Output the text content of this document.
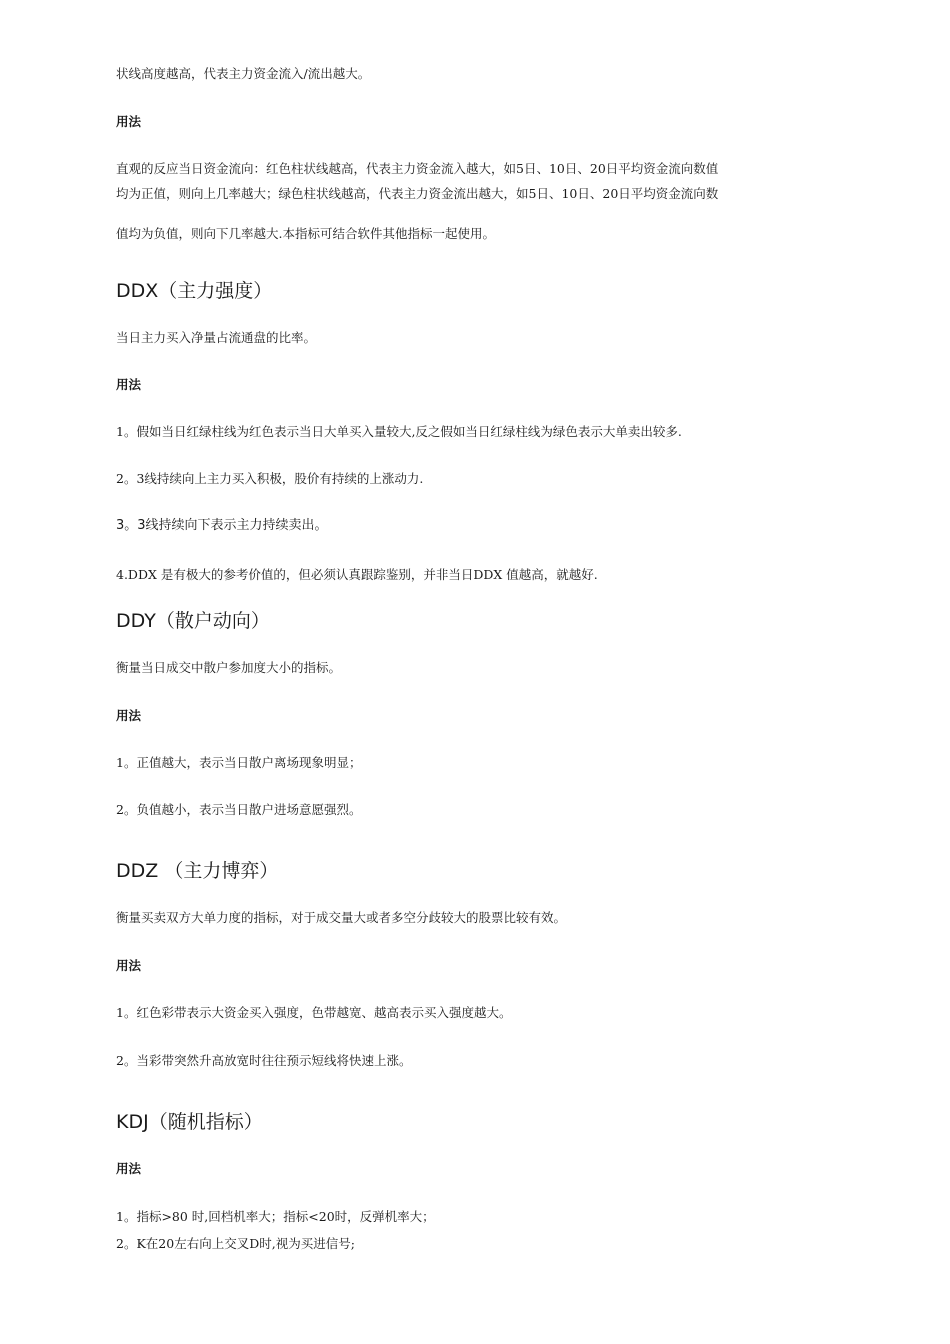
状线高度越高，代表主力资金流入/流出越大。
用法
直观的反应当日资金流向：红色柱状线越高，代表主力资金流入越大，如5日、10日、20日平均资金流向数值
均为正值，则向上几率越大；绿色柱状线越高，代表主力资金流出越大，如5日、10日、20日平均资金流向数
值均为负值，则向下几率越大.本指标可结合软件其他指标一起使用。
DDX（主力强度）
当日主力买入净量占流通盘的比率。
用法
1。假如当日红绿柱线为红色表示当日大单买入量较大,反之假如当日红绿柱线为绿色表示大单卖出较多.
2。3线持续向上主力买入积极，股价有持续的上涨动力.
3。3线持续向下表示主力持续卖出。
4.DDX 是有极大的参考价值的，但必须认真跟踪鉴别，并非当日DDX 值越高，就越好.
DDY（散户动向）
衡量当日成交中散户参加度大小的指标。
用法
1。正值越大，表示当日散户离场现象明显；
2。负值越小，表示当日散户进场意愿强烈。
DDZ （主力博弈）
衡量买卖双方大单力度的指标，对于成交量大或者多空分歧较大的股票比较有效。
用法
1。红色彩带表示大资金买入强度，色带越宽、越高表示买入强度越大。
2。当彩带突然升高放宽时往往预示短线将快速上涨。
KDJ（随机指标）
用法
1。指标>80 时,回档机率大；指标<20时，反弹机率大；
2。K在20左右向上交叉D时,视为买进信号;
